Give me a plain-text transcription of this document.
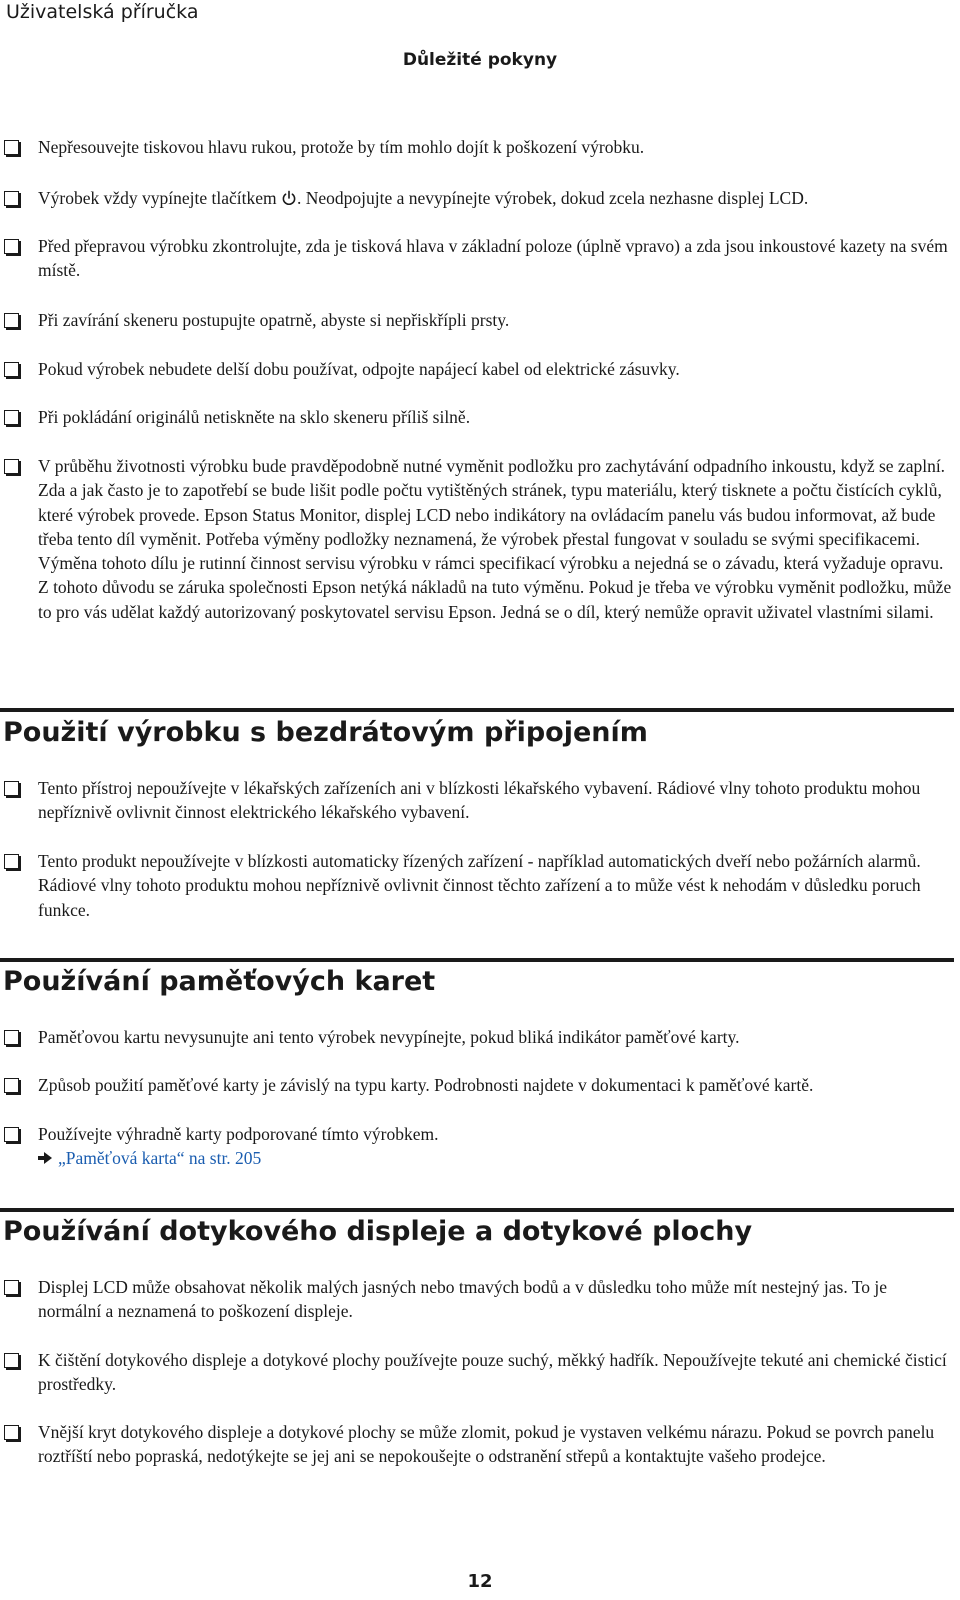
Uživatelská příručka
Důležité pokyny
Nepřesouvejte tiskovou hlavu rukou, protože by tím mohlo dojít k poškození výrobku.
Výrobek vždy vypínejte tlačítkem . Neodpojujte a nevypínejte výrobek, dokud zcela nezhasne displej LCD.
Před přepravou výrobku zkontrolujte, zda je tisková hlava v základní poloze (úplně vpravo) a zda jsou inkoustové kazety na svém místě.
Při zavírání skeneru postupujte opatrně, abyste si nepřiskřípli prsty.
Pokud výrobek nebudete delší dobu používat, odpojte napájecí kabel od elektrické zásuvky.
Při pokládání originálů netiskněte na sklo skeneru příliš silně.
V průběhu životnosti výrobku bude pravděpodobně nutné vyměnit podložku pro zachytávání odpadního inkoustu, když se zaplní. Zda a jak často je to zapotřebí se bude lišit podle počtu vytištěných stránek, typu materiálu, který tisknete a počtu čistících cyklů, které výrobek provede. Epson Status Monitor, displej LCD nebo indikátory na ovládacím panelu vás budou informovat, až bude třeba tento díl vyměnit. Potřeba výměny podložky neznamená, že výrobek přestal fungovat v souladu se svými specifikacemi. Výměna tohoto dílu je rutinní činnost servisu výrobku v rámci specifikací výrobku a nejedná se o závadu, která vyžaduje opravu. Z tohoto důvodu se záruka společnosti Epson netýká nákladů na tuto výměnu. Pokud je třeba ve výrobku vyměnit podložku, může to pro vás udělat každý autorizovaný poskytovatel servisu Epson. Jedná se o díl, který nemůže opravit uživatel vlastními silami.
Použití výrobku s bezdrátovým připojením
Tento přístroj nepoužívejte v lékařských zařízeních ani v blízkosti lékařského vybavení. Rádiové vlny tohoto produktu mohou nepříznivě ovlivnit činnost elektrického lékařského vybavení.
Tento produkt nepoužívejte v blízkosti automaticky řízených zařízení - například automatických dveří nebo požárních alarmů. Rádiové vlny tohoto produktu mohou nepříznivě ovlivnit činnost těchto zařízení a to může vést k nehodám v důsledku poruch funkce.
Používání paměťových karet
Paměťovou kartu nevysunujte ani tento výrobek nevypínejte, pokud bliká indikátor paměťové karty.
Způsob použití paměťové karty je závislý na typu karty. Podrobnosti najdete v dokumentaci k paměťové kartě.
Používejte výhradně karty podporované tímto výrobkem.
„Paměťová karta“ na str. 205
Používání dotykového displeje a dotykové plochy
Displej LCD může obsahovat několik malých jasných nebo tmavých bodů a v důsledku toho může mít nestejný jas. To je normální a neznamená to poškození displeje.
K čištění dotykového displeje a dotykové plochy používejte pouze suchý, měkký hadřík. Nepoužívejte tekuté ani chemické čisticí prostředky.
Vnější kryt dotykového displeje a dotykové plochy se může zlomit, pokud je vystaven velkému nárazu. Pokud se povrch panelu roztříští nebo popraská, nedotýkejte se jej ani se nepokoušejte o odstranění střepů a kontaktujte vašeho prodejce.
12
